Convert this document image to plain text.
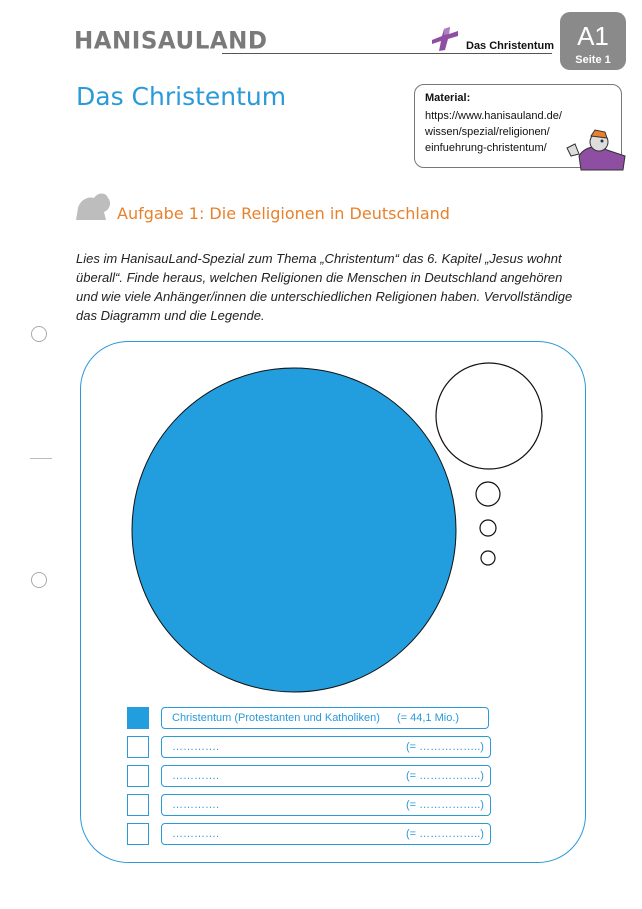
HANISAULAND	Das Christentum A1
Seite 1
Das Christentum	Material:
https://www.hanisauland.de/
wissen/spezial/religionen/
einfuehrung-christentum/
Aufgabe 1: Die Religionen in Deutschland

Lies im HanisauLand-Spezial zum Thema „Christentum“ das 6. Kapitel „Jesus wohnt überall“. Finde heraus, welchen Religionen die Menschen in Deutschland angehören und wie viele Anhänger/innen die unterschiedlichen Religionen haben. Vervollständige das Diagramm und die Legende.

Christentum (Protestanten und Katholiken) (= 44,1 Mio.)
………….	(= ……………..)
………….	(= ……………..)
………….	(= ……………..)
………….	(= ……………..)
